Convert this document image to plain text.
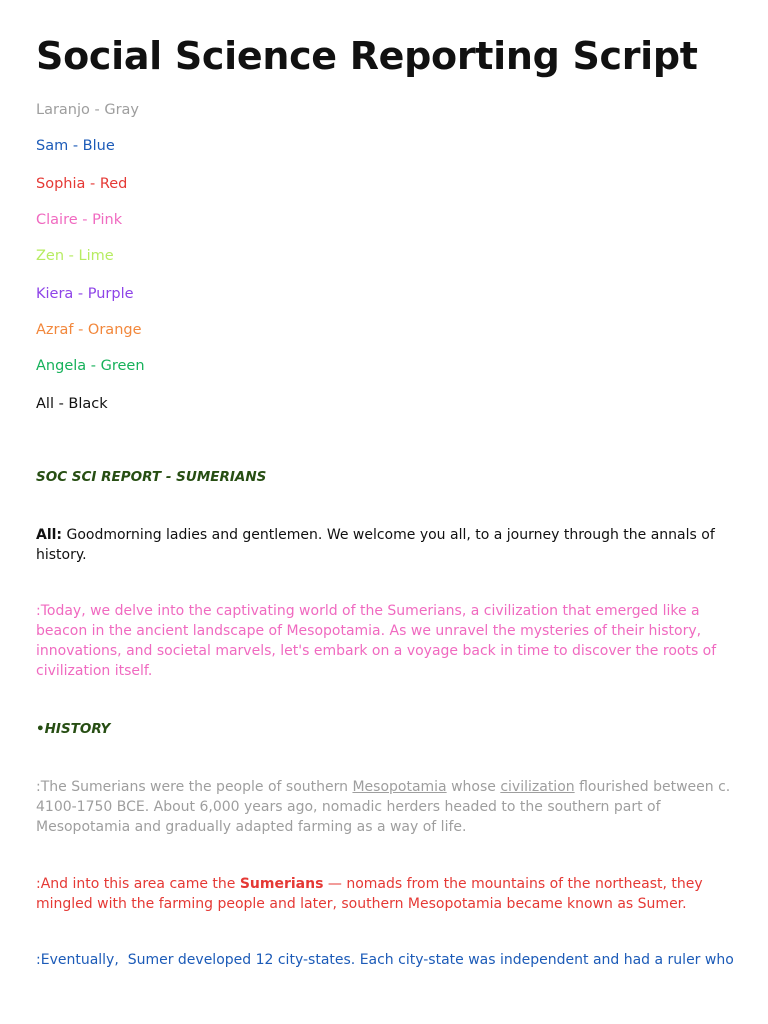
Social Science Reporting Script
Laranjo - Gray
Sam - Blue
Sophia - Red
Claire - Pink
Zen - Lime
Kiera - Purple
Azraf - Orange
Angela - Green
All - Black
SOC SCI REPORT - SUMERIANS
All: Goodmorning ladies and gentlemen. We welcome you all, to a journey through the annals of history.
:Today, we delve into the captivating world of the Sumerians, a civilization that emerged like a beacon in the ancient landscape of Mesopotamia. As we unravel the mysteries of their history, innovations, and societal marvels, let's embark on a voyage back in time to discover the roots of civilization itself.
•HISTORY
:The Sumerians were the people of southern Mesopotamia whose civilization flourished between c. 4100-1750 BCE. About 6,000 years ago, nomadic herders headed to the southern part of Mesopotamia and gradually adapted farming as a way of life.
:And into this area came the Sumerians — nomads from the mountains of the northeast, they mingled with the farming people and later, southern Mesopotamia became known as Sumer.
:Eventually,  Sumer developed 12 city-states. Each city-state was independent and had a ruler who
